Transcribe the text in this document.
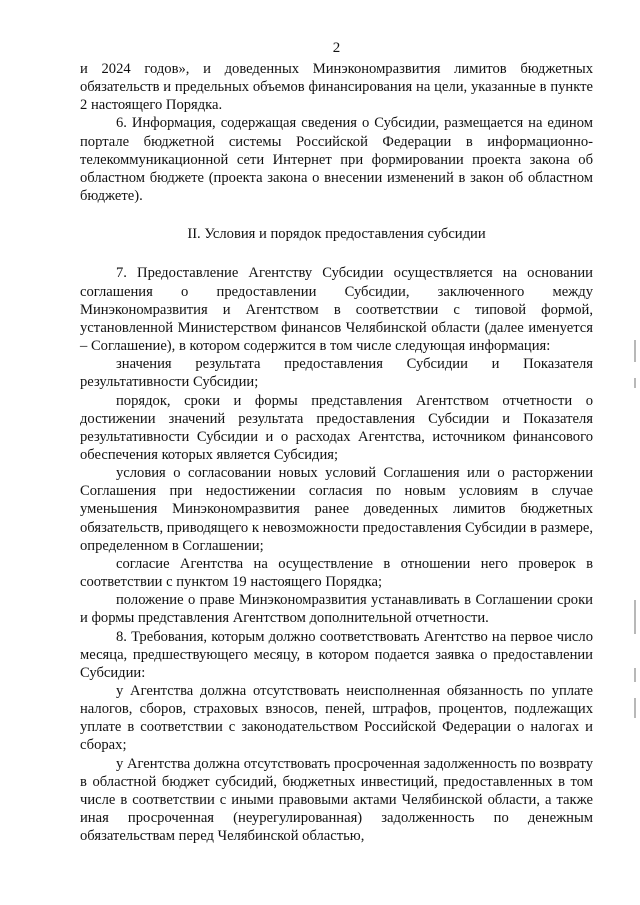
2

и 2024 годов», и доведенных Минэкономразвития лимитов бюджетных обязательств и предельных объемов финансирования на цели, указанные в пункте 2 настоящего Порядка.

6. Информация, содержащая сведения о Субсидии, размещается на едином портале бюджетной системы Российской Федерации в информационно-телекоммуникационной сети Интернет при формировании проекта закона об областном бюджете (проекта закона о внесении изменений в закон об областном бюджете).

II. Условия и порядок предоставления субсидии

7. Предоставление Агентству Субсидии осуществляется на основании соглашения о предоставлении Субсидии, заключенного между Минэкономразвития и Агентством в соответствии с типовой формой, установленной Министерством финансов Челябинской области (далее именуется – Соглашение), в котором содержится в том числе следующая информация:

значения результата предоставления Субсидии и Показателя результативности Субсидии;

порядок, сроки и формы представления Агентством отчетности о достижении значений результата предоставления Субсидии и Показателя результативности Субсидии и о расходах Агентства, источником финансового обеспечения которых является Субсидия;

условия о согласовании новых условий Соглашения или о расторжении Соглашения при недостижении согласия по новым условиям в случае уменьшения Минэкономразвития ранее доведенных лимитов бюджетных обязательств, приводящего к невозможности предоставления Субсидии в размере, определенном в Соглашении;

согласие Агентства на осуществление в отношении него проверок в соответствии с пунктом 19 настоящего Порядка;

положение о праве Минэкономразвития устанавливать в Соглашении сроки и формы представления Агентством дополнительной отчетности.

8. Требования, которым должно соответствовать Агентство на первое число месяца, предшествующего месяцу, в котором подается заявка о предоставлении Субсидии:

у Агентства должна отсутствовать неисполненная обязанность по уплате налогов, сборов, страховых взносов, пеней, штрафов, процентов, подлежащих уплате в соответствии с законодательством Российской Федерации о налогах и сборах;

у Агентства должна отсутствовать просроченная задолженность по возврату в областной бюджет субсидий, бюджетных инвестиций, предоставленных в том числе в соответствии с иными правовыми актами Челябинской области, а также иная просроченная (неурегулированная) задолженность по денежным обязательствам перед Челябинской областью,
